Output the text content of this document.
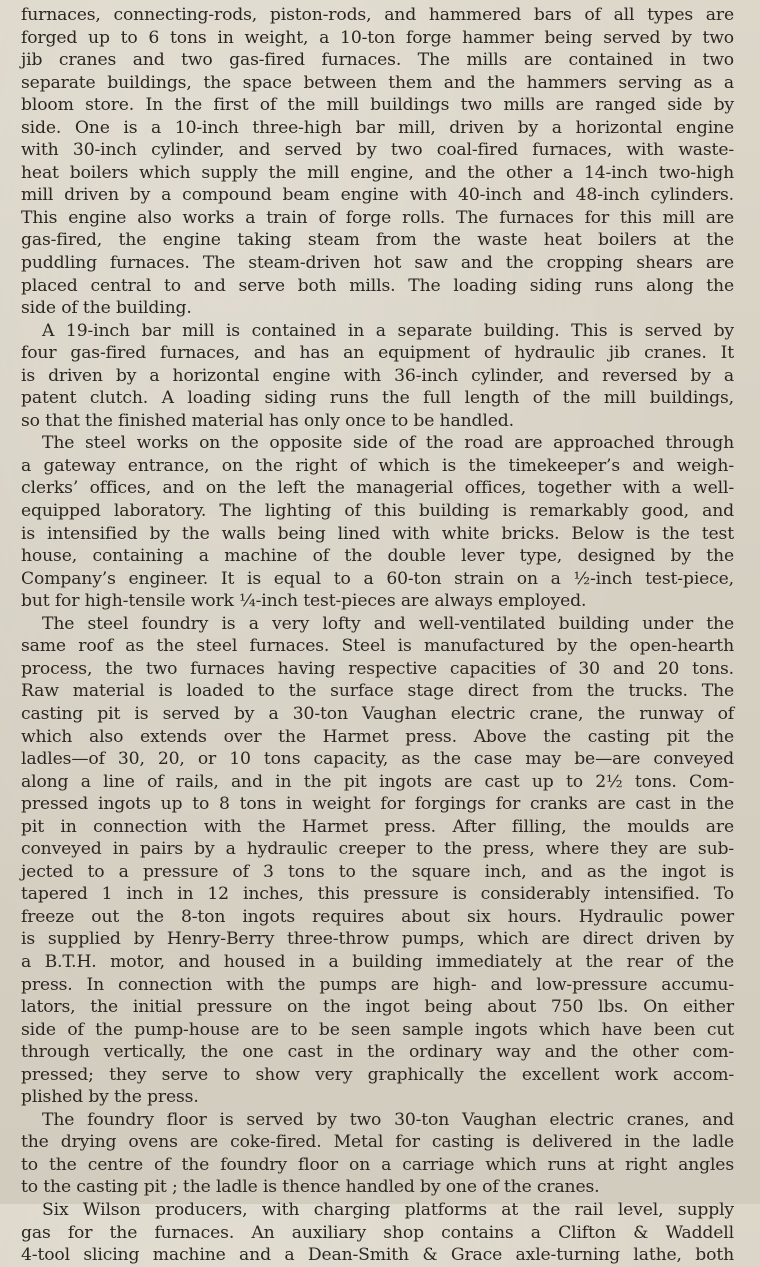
furnaces, connecting-rods, piston-rods, and hammered bars of all types are
forged up to 6 tons in weight, a 10-ton forge hammer being served by two
jib cranes and two gas-fired furnaces. The mills are contained in two
separate buildings, the space between them and the hammers serving as a
bloom store. In the first of the mill buildings two mills are ranged side by
side. One is a 10-inch three-high bar mill, driven by a horizontal engine
with 30-inch cylinder, and served by two coal-fired furnaces, with waste-
heat boilers which supply the mill engine, and the other a 14-inch two-high
mill driven by a compound beam engine with 40-inch and 48-inch cylinders.
This engine also works a train of forge rolls. The furnaces for this mill are
gas-fired, the engine taking steam from the waste heat boilers at the
puddling furnaces. The steam-driven hot saw and the cropping shears are
placed central to and serve both mills. The loading siding runs along the
side of the building.
A 19-inch bar mill is contained in a separate building. This is served by
four gas-fired furnaces, and has an equipment of hydraulic jib cranes. It
is driven by a horizontal engine with 36-inch cylinder, and reversed by a
patent clutch. A loading siding runs the full length of the mill buildings,
so that the finished material has only once to be handled.
The steel works on the opposite side of the road are approached through
a gateway entrance, on the right of which is the timekeeper’s and weigh-
clerks’ offices, and on the left the managerial offices, together with a well-
equipped laboratory. The lighting of this building is remarkably good, and
is intensified by the walls being lined with white bricks. Below is the test
house, containing a machine of the double lever type, designed by the
Company’s engineer. It is equal to a 60-ton strain on a ½-inch test-piece,
but for high-tensile work ¼-inch test-pieces are always employed.
The steel foundry is a very lofty and well-ventilated building under the
same roof as the steel furnaces. Steel is manufactured by the open-hearth
process, the two furnaces having respective capacities of 30 and 20 tons.
Raw material is loaded to the surface stage direct from the trucks. The
casting pit is served by a 30-ton Vaughan electric crane, the runway of
which also extends over the Harmet press. Above the casting pit the
ladles—of 30, 20, or 10 tons capacity, as the case may be—are conveyed
along a line of rails, and in the pit ingots are cast up to 2½ tons. Com-
pressed ingots up to 8 tons in weight for forgings for cranks are cast in the
pit in connection with the Harmet press. After filling, the moulds are
conveyed in pairs by a hydraulic creeper to the press, where they are sub-
jected to a pressure of 3 tons to the square inch, and as the ingot is
tapered 1 inch in 12 inches, this pressure is considerably intensified. To
freeze out the 8-ton ingots requires about six hours. Hydraulic power
is supplied by Henry-Berry three-throw pumps, which are direct driven by
a B.T.H. motor, and housed in a building immediately at the rear of the
press. In connection with the pumps are high- and low-pressure accumu-
lators, the initial pressure on the ingot being about 750 lbs. On either
side of the pump-house are to be seen sample ingots which have been cut
through vertically, the one cast in the ordinary way and the other com-
pressed; they serve to show very graphically the excellent work accom-
plished by the press.
The foundry floor is served by two 30-ton Vaughan electric cranes, and
the drying ovens are coke-fired. Metal for casting is delivered in the ladle
to the centre of the foundry floor on a carriage which runs at right angles
to the casting pit ; the ladle is thence handled by one of the cranes.
Six Wilson producers, with charging platforms at the rail level, supply
gas for the furnaces. An auxiliary shop contains a Clifton & Waddell
4-tool slicing machine and a Dean-Smith & Grace axle-turning lathe, both
